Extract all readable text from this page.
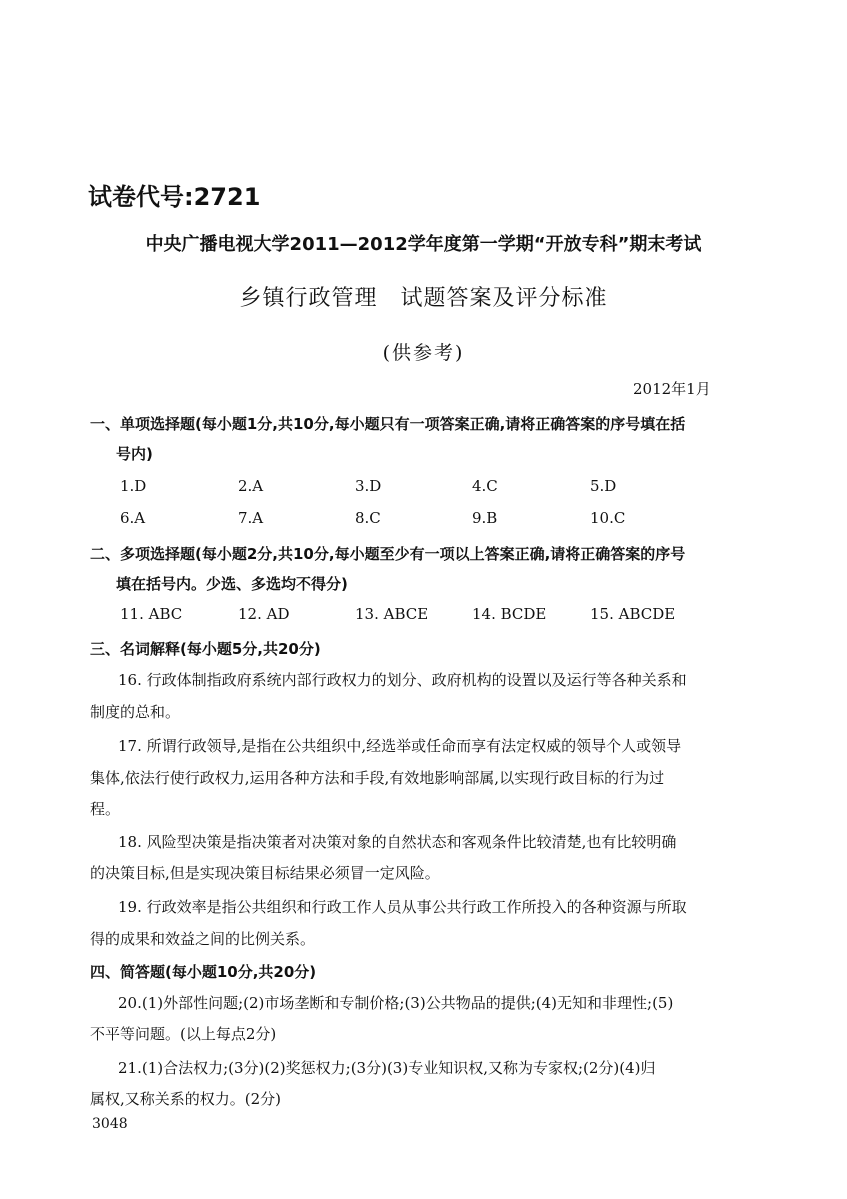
试卷代号:2721
中央广播电视大学2011—2012学年度第一学期“开放专科”期末考试
乡镇行政管理　试题答案及评分标准
(供参考)
2012年1月
一、单项选择题(每小题1分,共10分,每小题只有一项答案正确,请将正确答案的序号填在括
号内)
1.D	2.A	3.D	4.C	5.D
6.A	7.A	8.C	9.B	10.C
二、多项选择题(每小题2分,共10分,每小题至少有一项以上答案正确,请将正确答案的序号
填在括号内。少选、多选均不得分)
11. ABC	12. AD	13. ABCE	14. BCDE	15. ABCDE
三、名词解释(每小题5分,共20分)
16. 行政体制指政府系统内部行政权力的划分、政府机构的设置以及运行等各种关系和
制度的总和。
17. 所谓行政领导,是指在公共组织中,经选举或任命而享有法定权威的领导个人或领导
集体,依法行使行政权力,运用各种方法和手段,有效地影响部属,以实现行政目标的行为过
程。
18. 风险型决策是指决策者对决策对象的自然状态和客观条件比较清楚,也有比较明确
的决策目标,但是实现决策目标结果必须冒一定风险。
19. 行政效率是指公共组织和行政工作人员从事公共行政工作所投入的各种资源与所取
得的成果和效益之间的比例关系。
四、简答题(每小题10分,共20分)
20.(1)外部性问题;(2)市场垄断和专制价格;(3)公共物品的提供;(4)无知和非理性;(5)
不平等问题。(以上每点2分)
21.(1)合法权力;(3分)(2)奖惩权力;(3分)(3)专业知识权,又称为专家权;(2分)(4)归
属权,又称关系的权力。(2分)
3048
